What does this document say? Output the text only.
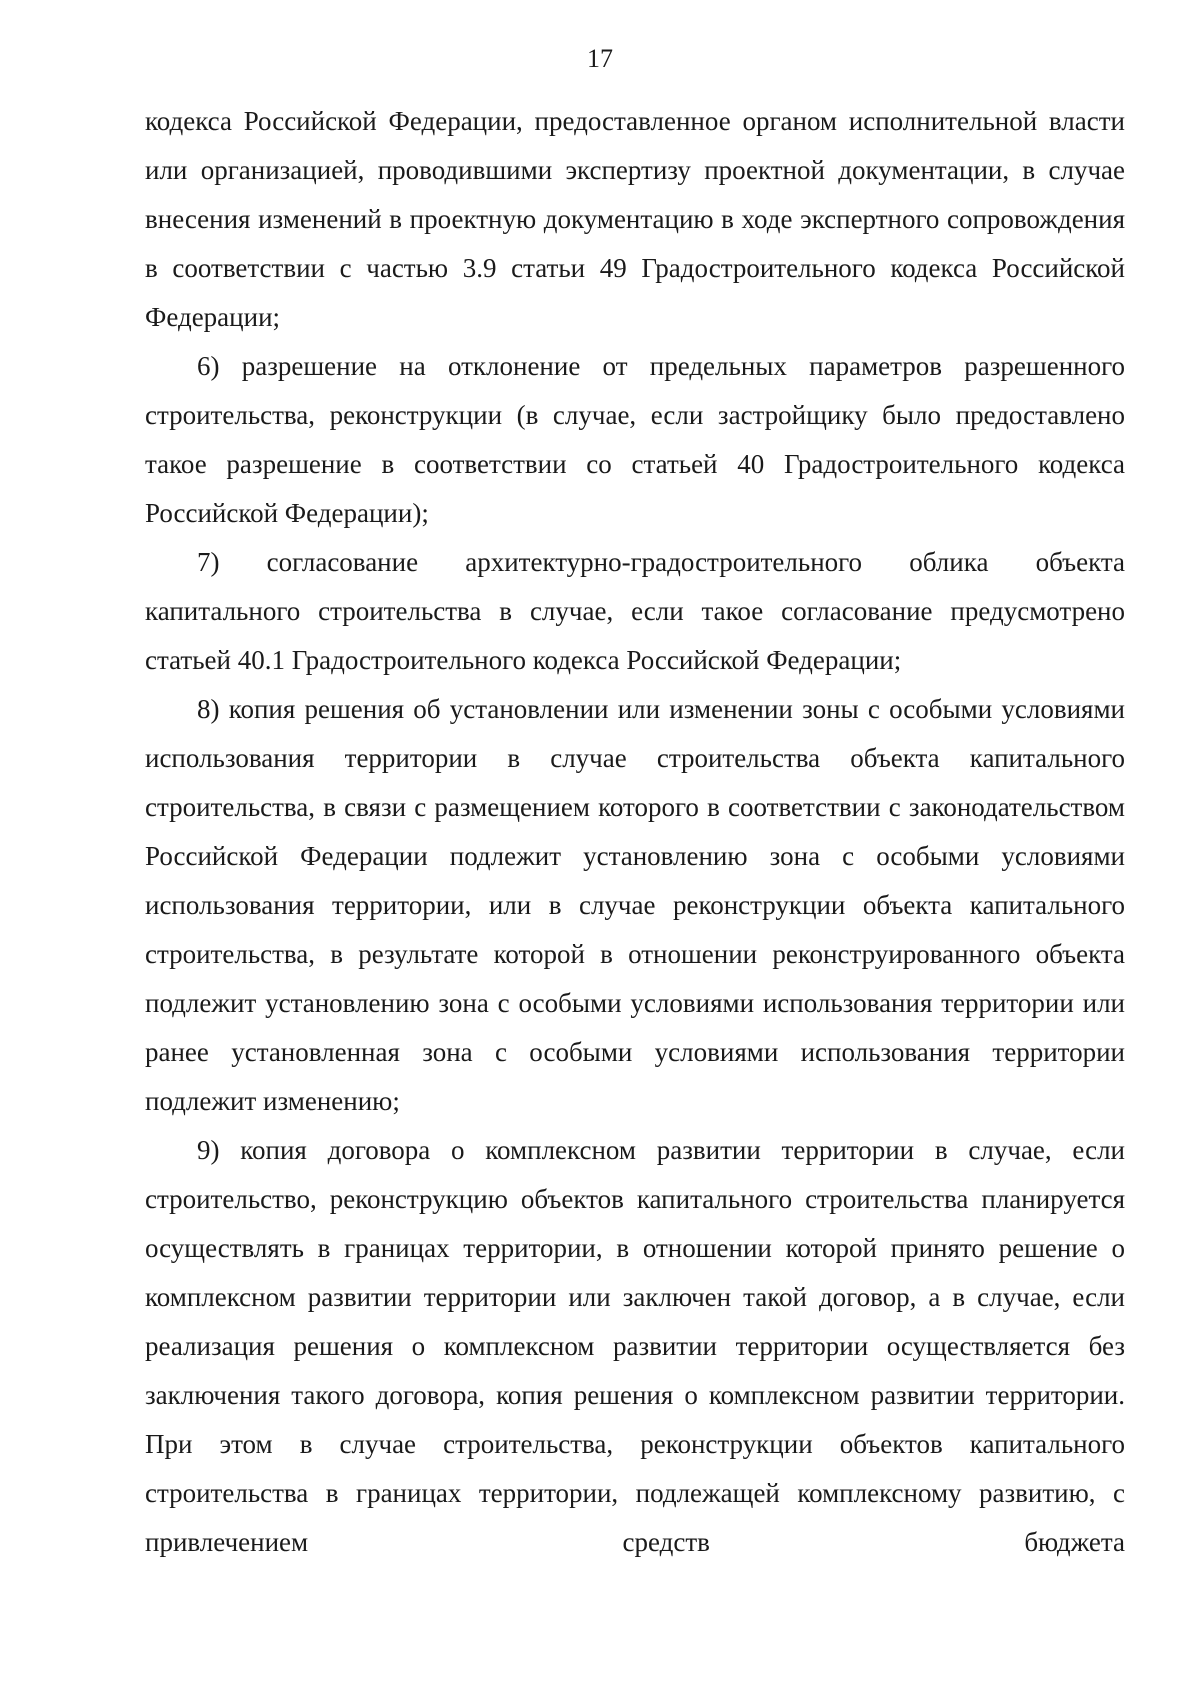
17

кодекса Российской Федерации, предоставленное органом исполнительной власти или организацией, проводившими экспертизу проектной документации, в случае внесения изменений в проектную документацию в ходе экспертного сопровождения в соответствии с частью 3.9 статьи 49 Градостроительного кодекса Российской Федерации;

6) разрешение на отклонение от предельных параметров разрешенного строительства, реконструкции (в случае, если застройщику было предоставлено такое разрешение в соответствии со статьей 40 Градостроительного кодекса Российской Федерации);

7) согласование архитектурно-градостроительного облика объекта капитального строительства в случае, если такое согласование предусмотрено статьей 40.1 Градостроительного кодекса Российской Федерации;

8) копия решения об установлении или изменении зоны с особыми условиями использования территории в случае строительства объекта капитального строительства, в связи с размещением которого в соответствии с законодательством Российской Федерации подлежит установлению зона с особыми условиями использования территории, или в случае реконструкции объекта капитального строительства, в результате которой в отношении реконструированного объекта подлежит установлению зона с особыми условиями использования территории или ранее установленная зона с особыми условиями использования территории подлежит изменению;

9) копия договора о комплексном развитии территории в случае, если строительство, реконструкцию объектов капитального строительства планируется осуществлять в границах территории, в отношении которой принято решение о комплексном развитии территории или заключен такой договор, а в случае, если реализация решения о комплексном развитии территории осуществляется без заключения такого договора, копия решения о комплексном развитии территории. При этом в случае строительства, реконструкции объектов капитального строительства в границах территории, подлежащей комплексному развитию, с привлечением средств бюджета
